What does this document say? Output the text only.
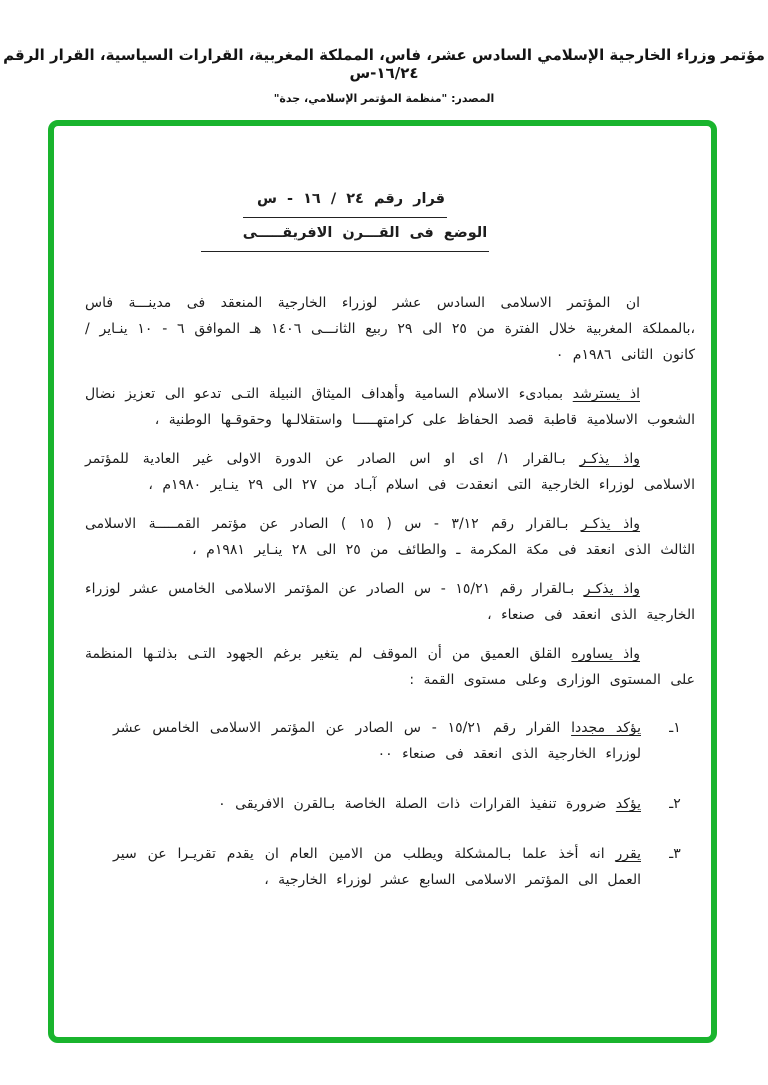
مؤتمر وزراء الخارجية الإسلامي السادس عشر، فاس، المملكة المغربية، القرارات السياسية، القرار الرقم ١٦/٢٤-س
المصدر: "منظمة المؤتمر الإسلامي، جدة"
قرار رقم ٢٤ / ١٦ - س
الوضع فى القـــرن الافريقـــــى

ان المؤتمر الاسلامى السادس عشر لوزراء الخارجية المنعقد فى مدينـــة فاس ،بالمملكة المغربية خلال الفترة من ٢٥ الى ٢٩ ربيع الثانـــى ١٤٠٦ هـ الموافق ٦ - ١٠ ينـاير / كانون الثانى ١٩٨٦م ٠

اذ يسترشد بمبادىء الاسلام السامية وأهداف الميثاق النبيلة التـى تدعو الى تعزيز نضال الشعوب الاسلامية قاطبة قصد الحفاظ على كرامتهـــــا واستقلالـها وحقوقـها الوطنية ،

واذ يذكـر بـالقرار ١/ اى او اس الصادر عن الدورة الاولى غير العادية للمؤتمر الاسلامى لوزراء الخارجية التى انعقدت فى اسلام آبـاد من ٢٧ الى ٢٩ ينـاير ١٩٨٠م ،

واذ يذكـر بـالقرار رقم ٣/١٢ - س ( ١٥ ) الصادر عن مؤتمر القمـــــة الاسلامى الثالث الذى انعقد فى مكة المكرمة ـ والطائف من ٢٥ الى ٢٨ ينـاير ١٩٨١م ،

واذ يذكـر بـالقرار رقم ١٥/٢١ - س الصادر عن المؤتمر الاسلامى الخامس عشر لوزراء الخارجية الذى انعقد فى صنعاء ،

واذ يساوره القلق العميق من أن الموقف لم يتغير برغم الجهود التـى بذلتـها المنظمة على المستوى الوزارى وعلى مستوى القمة :

١ـ

يؤكد مجددا القرار رقم ١٥/٢١ - س الصادر عن المؤتمر الاسلامى الخامس عشر لوزراء الخارجية الذى انعقد فى صنعاء ٠٠

٢ـ

يؤكد ضرورة تنفيذ القرارات ذات الصلة الخاصة بـالقرن الافريقى ٠

٣ـ

يقرر انه أخذ علما بـالمشكلة ويطلب من الامين العام ان يقدم تقريـرا عن سير العمل الى المؤتمر الاسلامى السابع عشر لوزراء الخارجية ،
